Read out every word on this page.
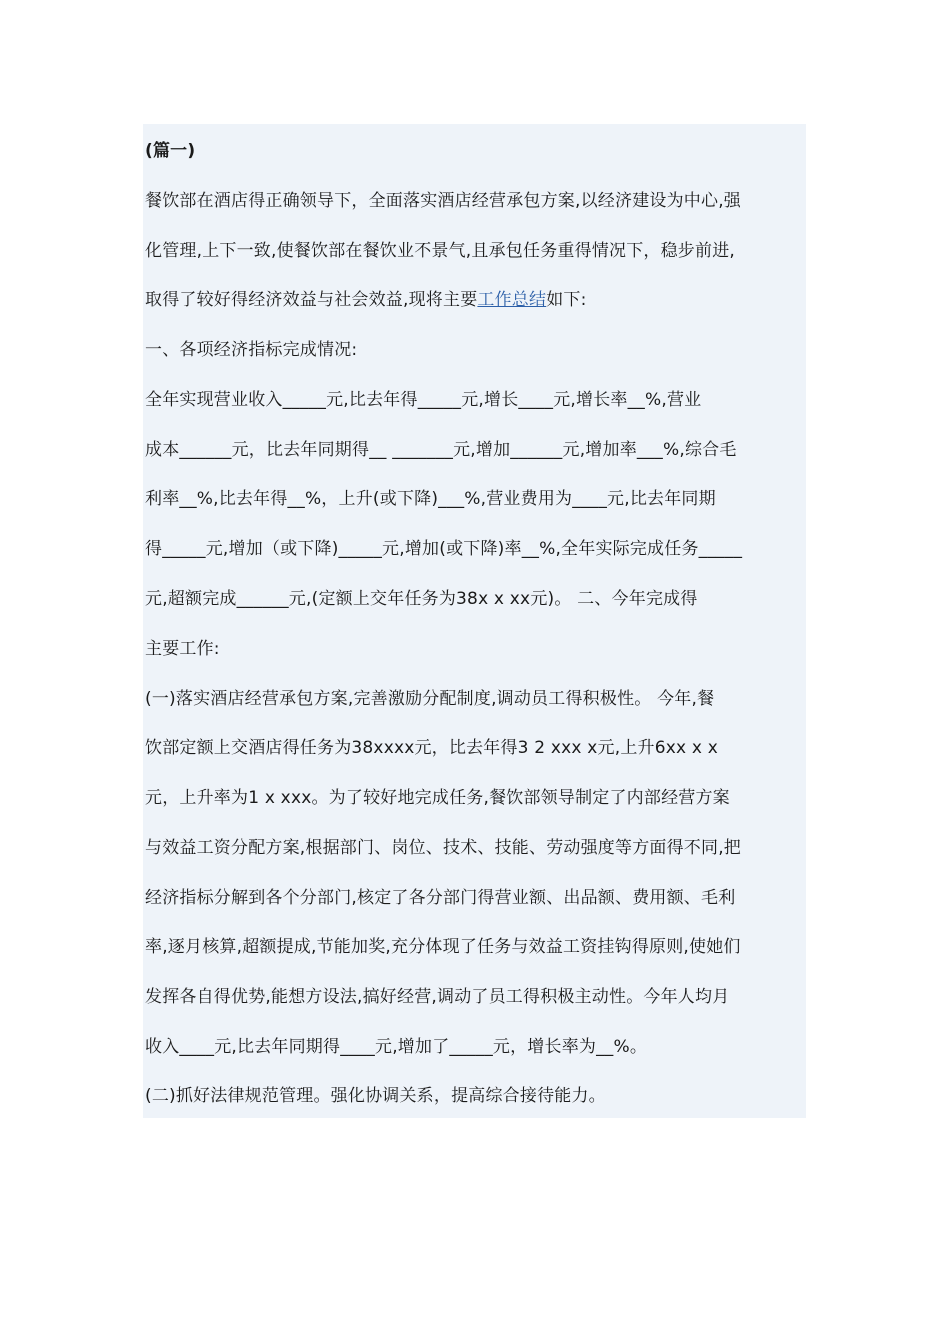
(篇一)
餐饮部在酒店得正确领导下，全面落实酒店经营承包方案,以经济建设为中心,强
化管理,上下一致,使餐饮部在餐饮业不景气,且承包任务重得情况下，稳步前进,
取得了较好得经济效益与社会效益,现将主要工作总结如下:
一、各项经济指标完成情况:
全年实现营业收入_____元,比去年得_____元,增长____元,增长率__%,营业
成本______元，比去年同期得__ _______元,增加______元,增加率___%,综合毛
利率__%,比去年得__%，上升(或下降)___%,营业费用为____元,比去年同期
得_____元,增加（或下降)_____元,增加(或下降)率__%,全年实际完成任务_____
元,超额完成______元,(定额上交年任务为38x x xx元)。 二、今年完成得
主要工作:
(一)落实酒店经营承包方案,完善激励分配制度,调动员工得积极性。 今年,餐
饮部定额上交酒店得任务为38xxxx元，比去年得3 2 xxx x元,上升6xx x x
元，上升率为1 x xxx。为了较好地完成任务,餐饮部领导制定了内部经营方案
与效益工资分配方案,根据部门、岗位、技术、技能、劳动强度等方面得不同,把
经济指标分解到各个分部门,核定了各分部门得营业额、出品额、费用额、毛利
率,逐月核算,超额提成,节能加奖,充分体现了任务与效益工资挂钩得原则,使她们
发挥各自得优势,能想方设法,搞好经营,调动了员工得积极主动性。今年人均月
收入____元,比去年同期得____元,增加了_____元，增长率为__%。
(二)抓好法律规范管理。强化协调关系，提高综合接待能力。
